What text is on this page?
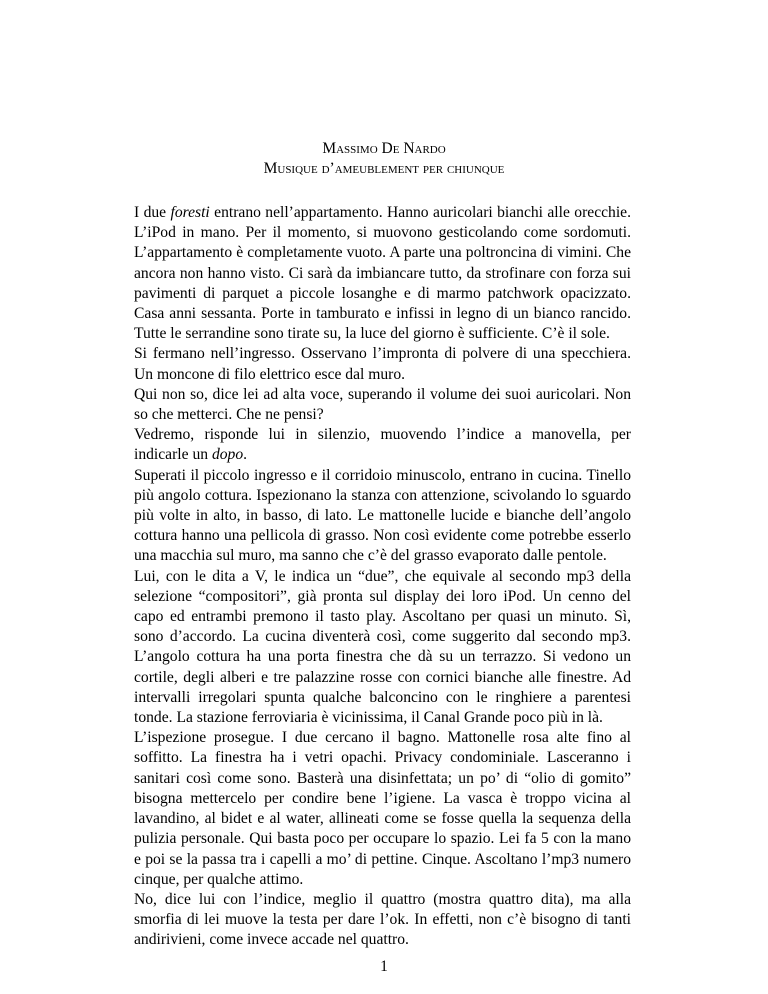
Massimo De Nardo
Musique d’ameublement per chiunque

I due foresti entrano nell’appartamento. Hanno auricolari bianchi alle orecchie. L’iPod in mano. Per il momento, si muovono gesticolando come sordomuti. L’appartamento è completamente vuoto. A parte una poltroncina di vimini. Che ancora non hanno visto. Ci sarà da imbiancare tutto, da strofinare con forza sui pavimenti di parquet a piccole losanghe e di marmo patchwork opacizzato. Casa anni sessanta. Porte in tamburato e infissi in legno di un bianco rancido. Tutte le serrandine sono tirate su, la luce del giorno è sufficiente. C’è il sole.

Si fermano nell’ingresso. Osservano l’impronta di polvere di una specchiera. Un moncone di filo elettrico esce dal muro.

Qui non so, dice lei ad alta voce, superando il volume dei suoi auricolari. Non so che metterci. Che ne pensi?

Vedremo, risponde lui in silenzio, muovendo l’indice a manovella, per indicarle un dopo.

Superati il piccolo ingresso e il corridoio minuscolo, entrano in cucina. Tinello più angolo cottura. Ispezionano la stanza con attenzione, scivolando lo sguardo più volte in alto, in basso, di lato. Le mattonelle lucide e bianche dell’angolo cottura hanno una pellicola di grasso. Non così evidente come potrebbe esserlo una macchia sul muro, ma sanno che c’è del grasso evaporato dalle pentole.

Lui, con le dita a V, le indica un “due”, che equivale al secondo mp3 della selezione “compositori”, già pronta sul display dei loro iPod. Un cenno del capo ed entrambi premono il tasto play. Ascoltano per quasi un minuto. Sì, sono d’accordo. La cucina diventerà così, come suggerito dal secondo mp3. L’angolo cottura ha una porta finestra che dà su un terrazzo. Si vedono un cortile, degli alberi e tre palazzine rosse con cornici bianche alle finestre. Ad intervalli irregolari spunta qualche balconcino con le ringhiere a parentesi tonde. La stazione ferroviaria è vicinissima, il Canal Grande poco più in là.

L’ispezione prosegue. I due cercano il bagno. Mattonelle rosa alte fino al soffitto. La finestra ha i vetri opachi. Privacy condominiale. Lasceranno i sanitari così come sono. Basterà una disinfettata; un po’ di “olio di gomito” bisogna mettercelo per condire bene l’igiene. La vasca è troppo vicina al lavandino, al bidet e al water, allineati come se fosse quella la sequenza della pulizia personale. Qui basta poco per occupare lo spazio. Lei fa 5 con la mano e poi se la passa tra i capelli a mo’ di pettine. Cinque. Ascoltano l’mp3 numero cinque, per qualche attimo.

No, dice lui con l’indice, meglio il quattro (mostra quattro dita), ma alla smorfia di lei muove la testa per dare l’ok. In effetti, non c’è bisogno di tanti andirivieni, come invece accade nel quattro.

1
